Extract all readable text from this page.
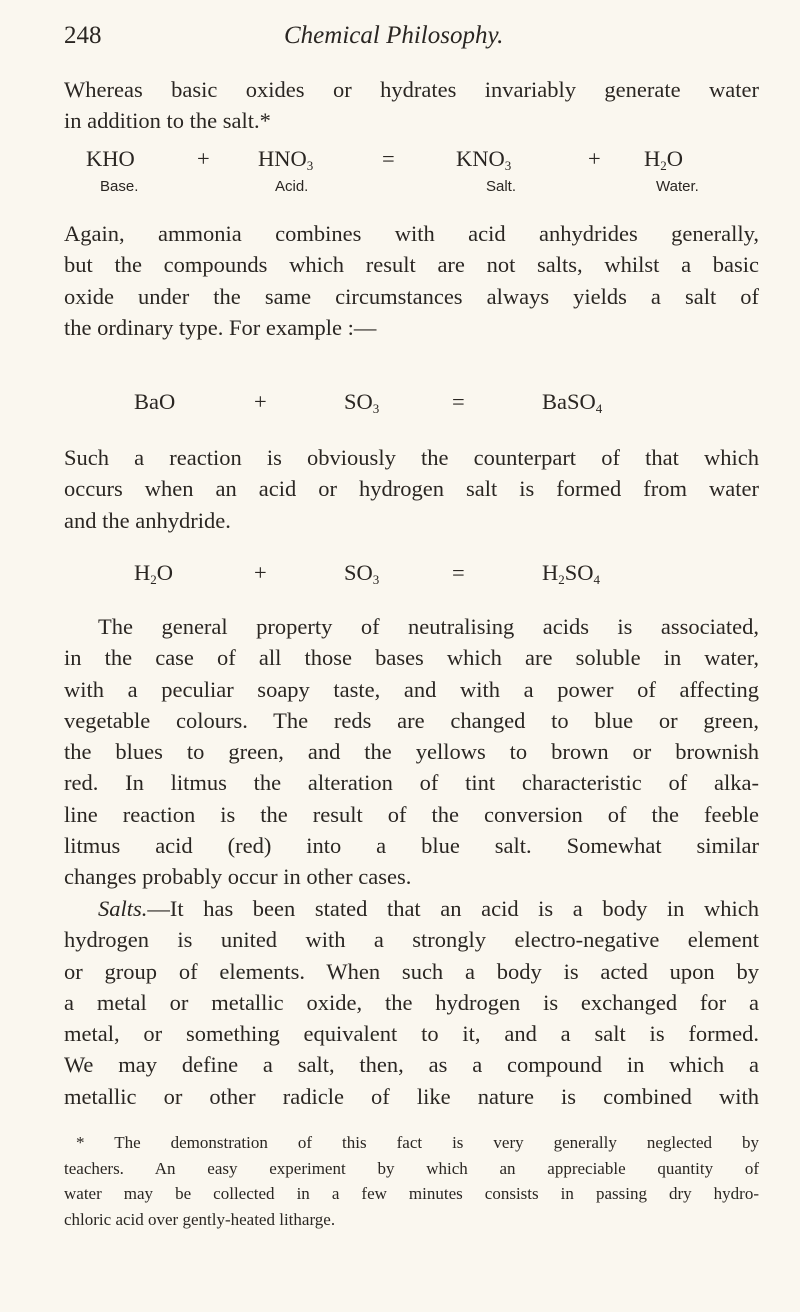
248	Chemical Philosophy.

Whereas basic oxides or hydrates invariably generate water
in addition to the salt.*

KHO	+ $HNO_3$	=	$KNO_3$	+ $H_2O$
Base.	Acid.	Salt.	Water.

Again, ammonia combines with acid anhydrides generally,
but the compounds which result are not salts, whilst a basic
oxide under the same circumstances always yields a salt of
the ordinary type. For example :—

BaO	+	$SO_3$	=	BaSO$_4$

Such a reaction is obviously the counterpart of that which
occurs when an acid or hydrogen salt is formed from water
and the anhydride.

$H_2O$	+	$SO_3$	=	$H_2SO_4$

The general property of neutralising acids is associated,
in the case of all those bases which are soluble in water,
with a peculiar soapy taste, and with a power of affecting
vegetable colours. The reds are changed to blue or green,
the blues to green, and the yellows to brown or brownish
red. In litmus the alteration of tint characteristic of alka-
line reaction is the result of the conversion of the feeble
litmus acid (red) into a blue salt. Somewhat similar
changes probably occur in other cases.

Salts.—It has been stated that an acid is a body in which
hydrogen is united with a strongly electro-negative element
or group of elements. When such a body is acted upon by
a metal or metallic oxide, the hydrogen is exchanged for a
metal, or something equivalent to it, and a salt is formed.
We may define a salt, then, as a compound in which a
metallic or other radicle of like nature is combined with

* The demonstration of this fact is very generally neglected by
teachers. An easy experiment by which an appreciable quantity of
water may be collected in a few minutes consists in passing dry hydro-
chloric acid over gently-heated litharge.
